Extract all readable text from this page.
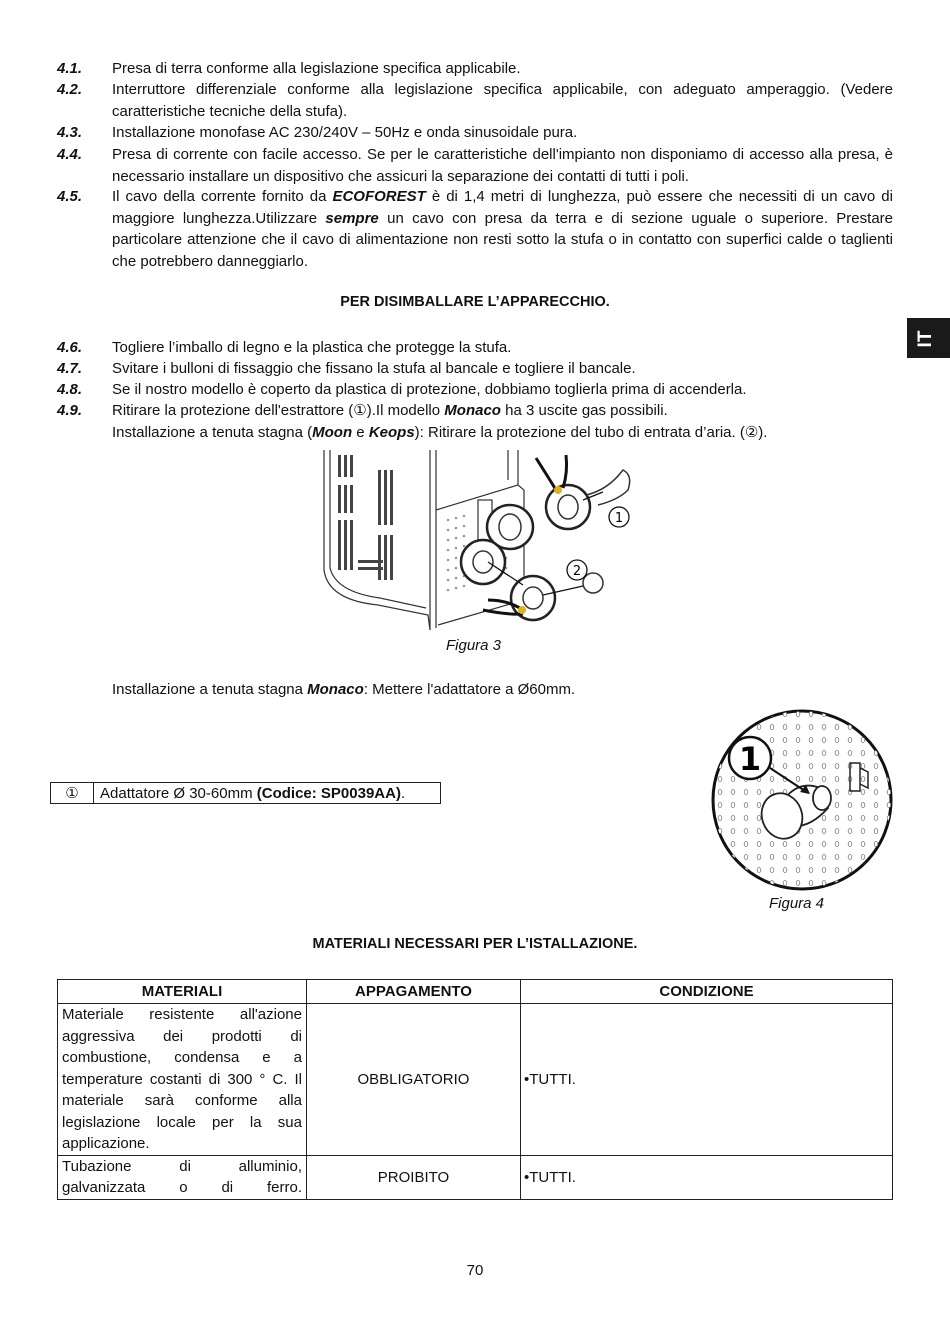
4.1. Presa di terra conforme alla legislazione specifica applicabile.
4.2. Interruttore differenziale conforme alla legislazione specifica applicabile, con adeguato amperaggio. (Vedere caratteristiche tecniche della stufa).
4.3. Installazione monofase AC 230/240V – 50Hz e onda sinusoidale pura.
4.4. Presa di corrente con facile accesso. Se per le caratteristiche dell'impianto non disponiamo di accesso alla presa, è necessario installare un dispositivo che assicuri la separazione dei contatti di tutti i poli.
4.5. Il cavo della corrente fornito da ECOFOREST è di 1,4 metri di lunghezza, può essere che necessiti di un cavo di maggiore lunghezza.Utilizzare sempre un cavo con presa da terra e di sezione uguale o superiore. Prestare particolare attenzione che il cavo di alimentazione non resti sotto la stufa o in contatto con superfici calde o taglienti che potrebbero danneggiarlo.
PER DISIMBALLARE L’APPARECCHIO.
IT
4.6. Togliere l’imballo di legno e la plastica che protegge la stufa.
4.7. Svitare i bulloni di fissaggio che fissano la stufa al bancale e togliere il bancale.
4.8. Se il nostro modello è coperto da plastica di protezione, dobbiamo toglierla prima di accenderla.
4.9. Ritirare la protezione dell'estrattore (①).Il modello Monaco ha 3 uscite gas possibili.
Installazione a tenuta stagna (Moon e Keops): Ritirare la protezione del tubo di entrata d’aria. (②).
1
2
Figura 3
Installazione a tenuta stagna Monaco: Mettere l'adattatore a Ø60mm.
①	Adattatore Ø 30-60mm (Codice: SP0039AA).
1
Figura 4
MATERIALI NECESSARI PER L’ISTALLAZIONE.
MATERIALI	APPAGAMENTO	CONDIZIONE
Materiale resistente all'azione aggressiva dei prodotti di combustione, condensa e a temperature costanti di 300 ° C. Il materiale sarà conforme alla legislazione locale per la sua applicazione.	OBBLIGATORIO	•TUTTI.
Tubazione di alluminio, galvanizzata o di ferro.	PROIBITO	•TUTTI.
70
